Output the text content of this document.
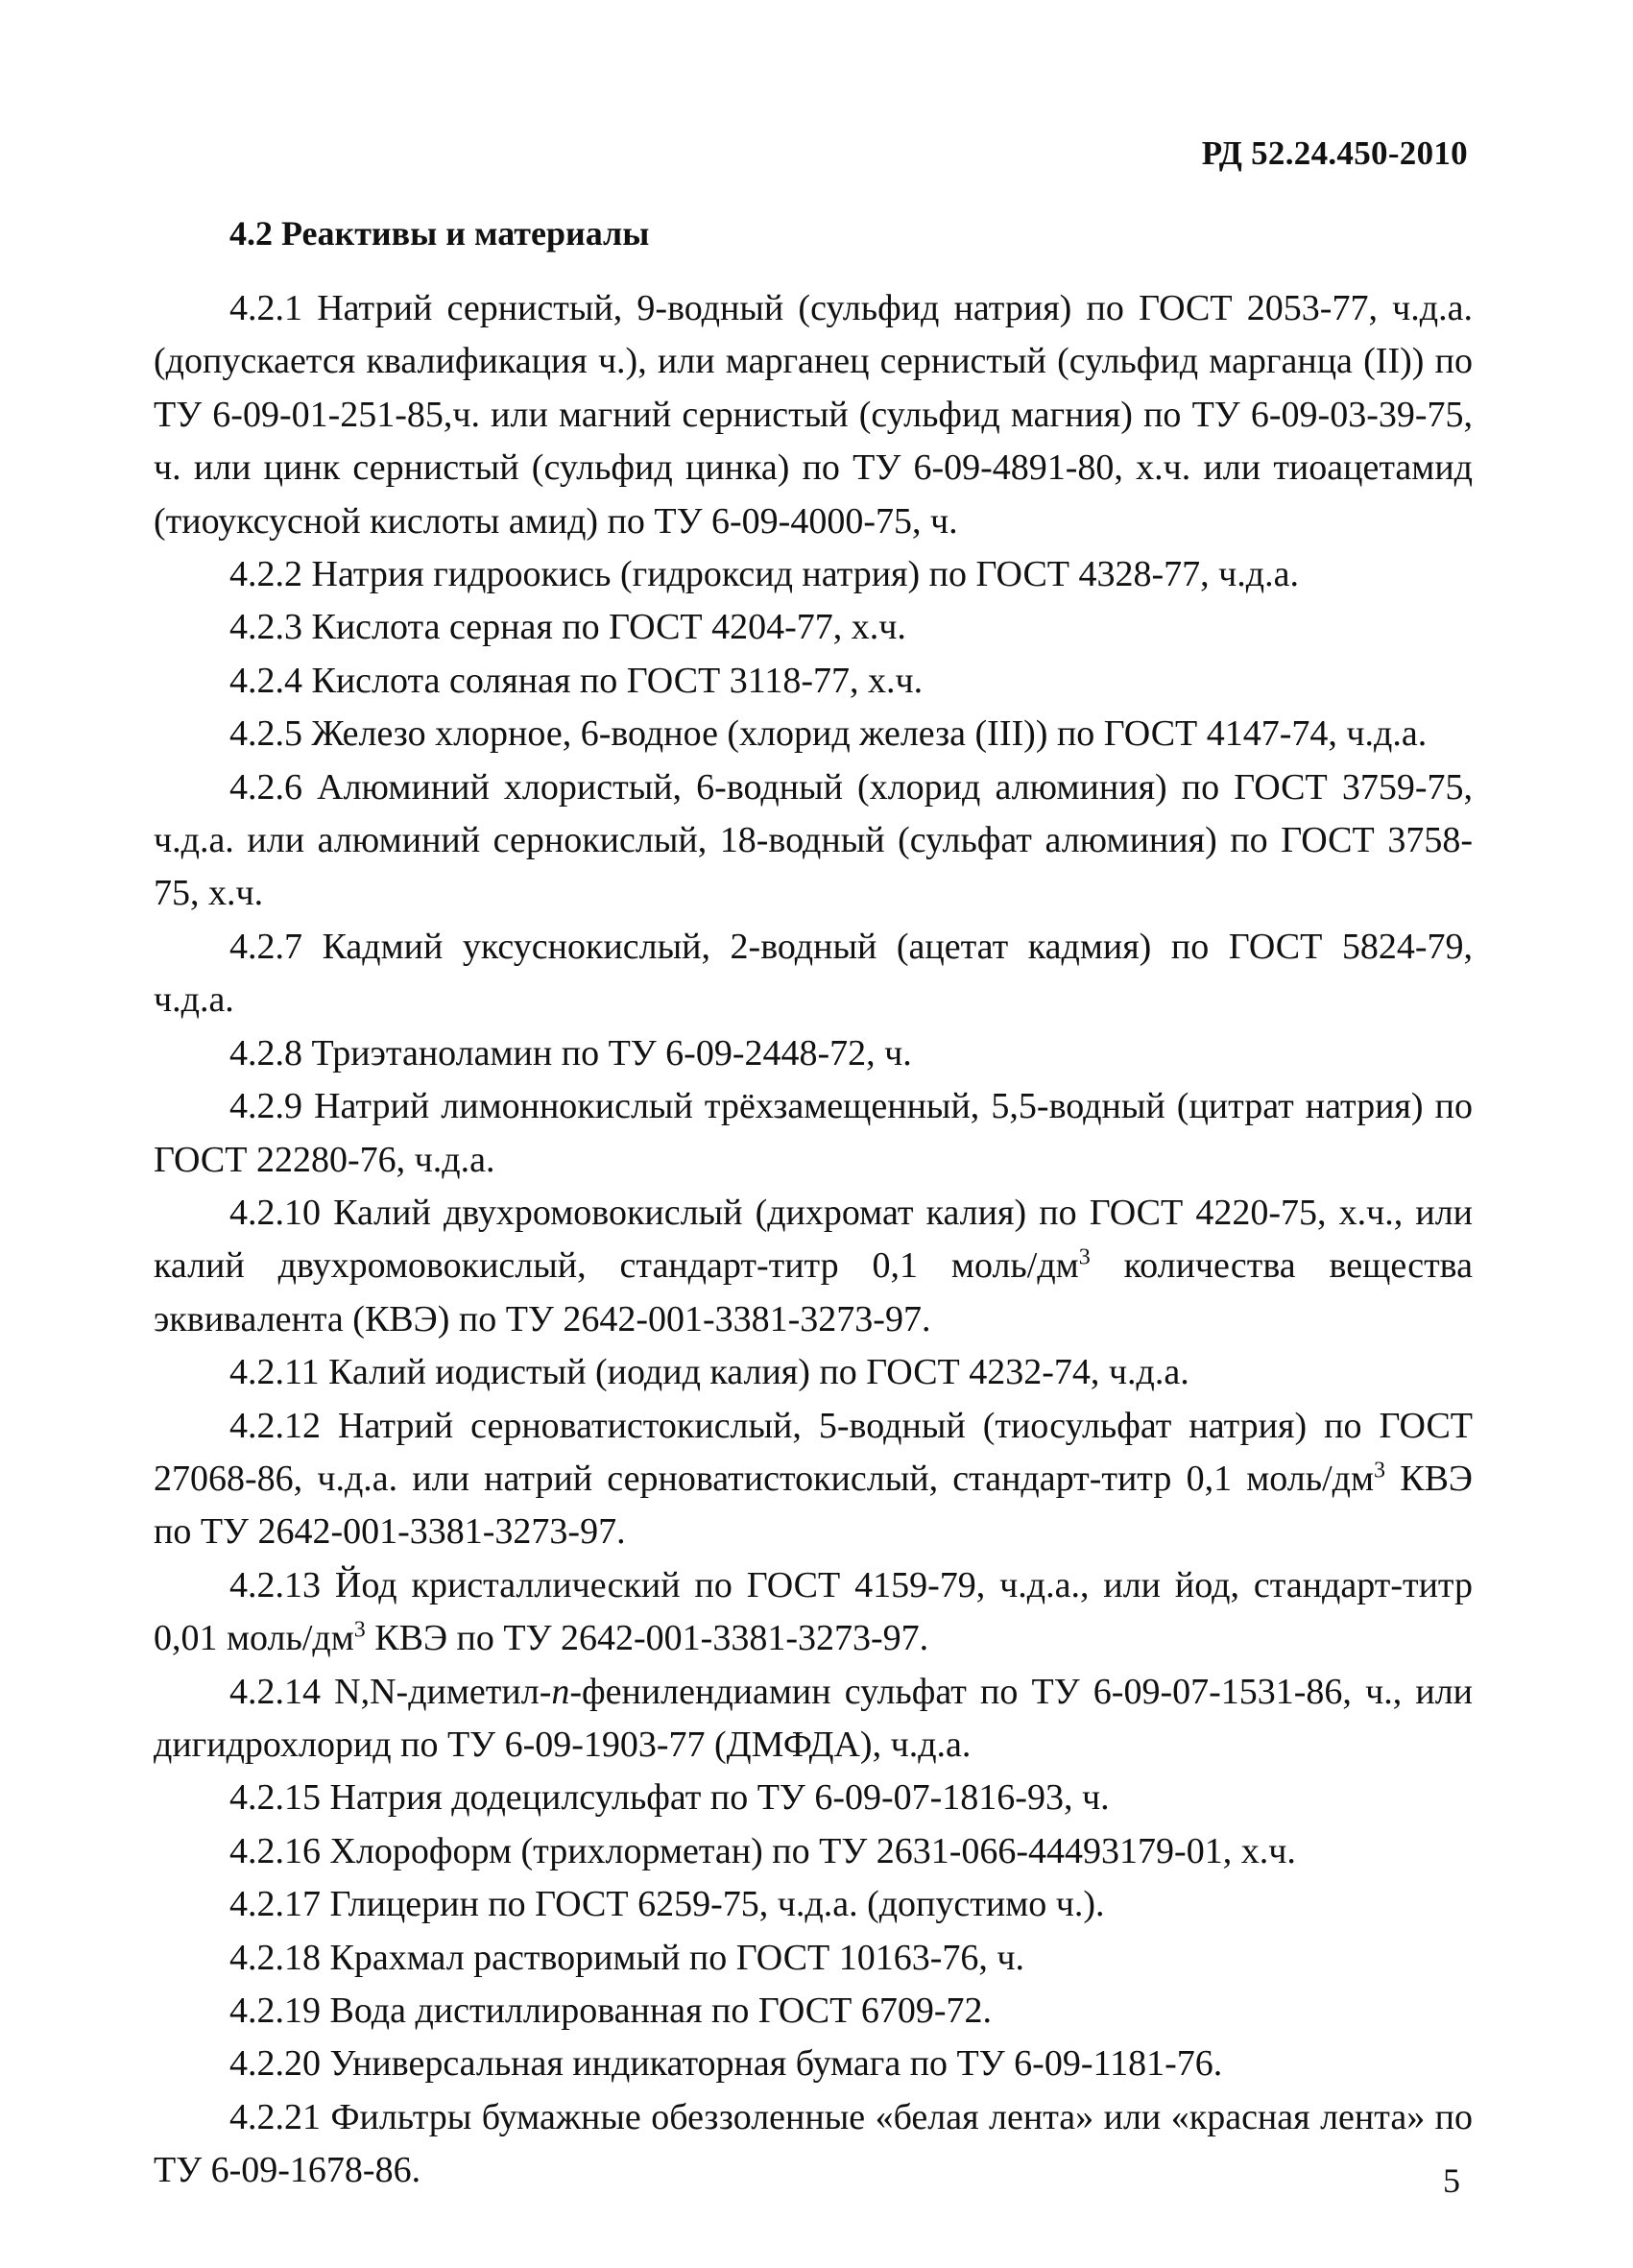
РД 52.24.450-2010
4.2 Реактивы и материалы

4.2.1 Натрий сернистый, 9-водный (сульфид натрия) по ГОСТ 2053-77, ч.д.а. (допускается квалификация ч.), или марганец сернистый (сульфид марганца (II)) по ТУ 6-09-01-251-85,ч. или магний сернистый (сульфид магния) по ТУ 6-09-03-39-75, ч. или цинк сернистый (сульфид цинка) по ТУ 6-09-4891-80, х.ч. или тиоацетамид (тиоуксусной кислоты амид) по ТУ 6-09-4000-75, ч.

4.2.2 Натрия гидроокись (гидроксид натрия) по ГОСТ 4328-77, ч.д.а.

4.2.3 Кислота серная по ГОСТ 4204-77, х.ч.

4.2.4 Кислота соляная по ГОСТ 3118-77, х.ч.

4.2.5 Железо хлорное, 6-водное (хлорид железа (III)) по ГОСТ 4147-74, ч.д.а.

4.2.6 Алюминий хлористый, 6-водный (хлорид алюминия) по ГОСТ 3759-75, ч.д.а. или алюминий сернокислый, 18-водный (сульфат алюминия) по ГОСТ 3758-75, х.ч.

4.2.7 Кадмий уксуснокислый, 2-водный (ацетат кадмия) по ГОСТ 5824-79, ч.д.а.

4.2.8 Триэтаноламин по ТУ 6-09-2448-72, ч.

4.2.9 Натрий лимоннокислый трёхзамещенный, 5,5-водный (цитрат натрия) по ГОСТ 22280-76, ч.д.а.

4.2.10 Калий двухромовокислый (дихромат калия) по ГОСТ 4220-75, х.ч., или калий двухромовокислый, стандарт-титр 0,1 моль/$дм^3$ количества вещества эквивалента (КВЭ) по ТУ 2642-001-3381-3273-97.

4.2.11 Калий иодистый (иодид калия) по ГОСТ 4232-74, ч.д.а.

4.2.12 Натрий серноватистокислый, 5-водный (тиосульфат натрия) по ГОСТ 27068-86, ч.д.а. или натрий серноватистокислый, стандарт-титр 0,1 моль/$дм^3$ КВЭ по ТУ 2642-001-3381-3273-97.

4.2.13 Йод кристаллический по ГОСТ 4159-79, ч.д.а., или йод, стандарт-титр 0,01 моль/$дм^3$ КВЭ по ТУ 2642-001-3381-3273-97.

4.2.14 N,N-диметил-п-фенилендиамин сульфат по ТУ 6-09-07-1531-86, ч., или дигидрохлорид по ТУ 6-09-1903-77 (ДМФДА), ч.д.а.

4.2.15 Натрия додецилсульфат по ТУ 6-09-07-1816-93, ч.

4.2.16 Хлороформ (трихлорметан) по ТУ 2631-066-44493179-01, х.ч.

4.2.17 Глицерин по ГОСТ 6259-75, ч.д.а. (допустимо ч.).

4.2.18 Крахмал растворимый по ГОСТ 10163-76, ч.

4.2.19 Вода дистиллированная по ГОСТ 6709-72.

4.2.20 Универсальная индикаторная бумага по ТУ 6-09-1181-76.

4.2.21 Фильтры бумажные обеззоленные «белая лента» или «красная лента» по ТУ 6-09-1678-86.	5
